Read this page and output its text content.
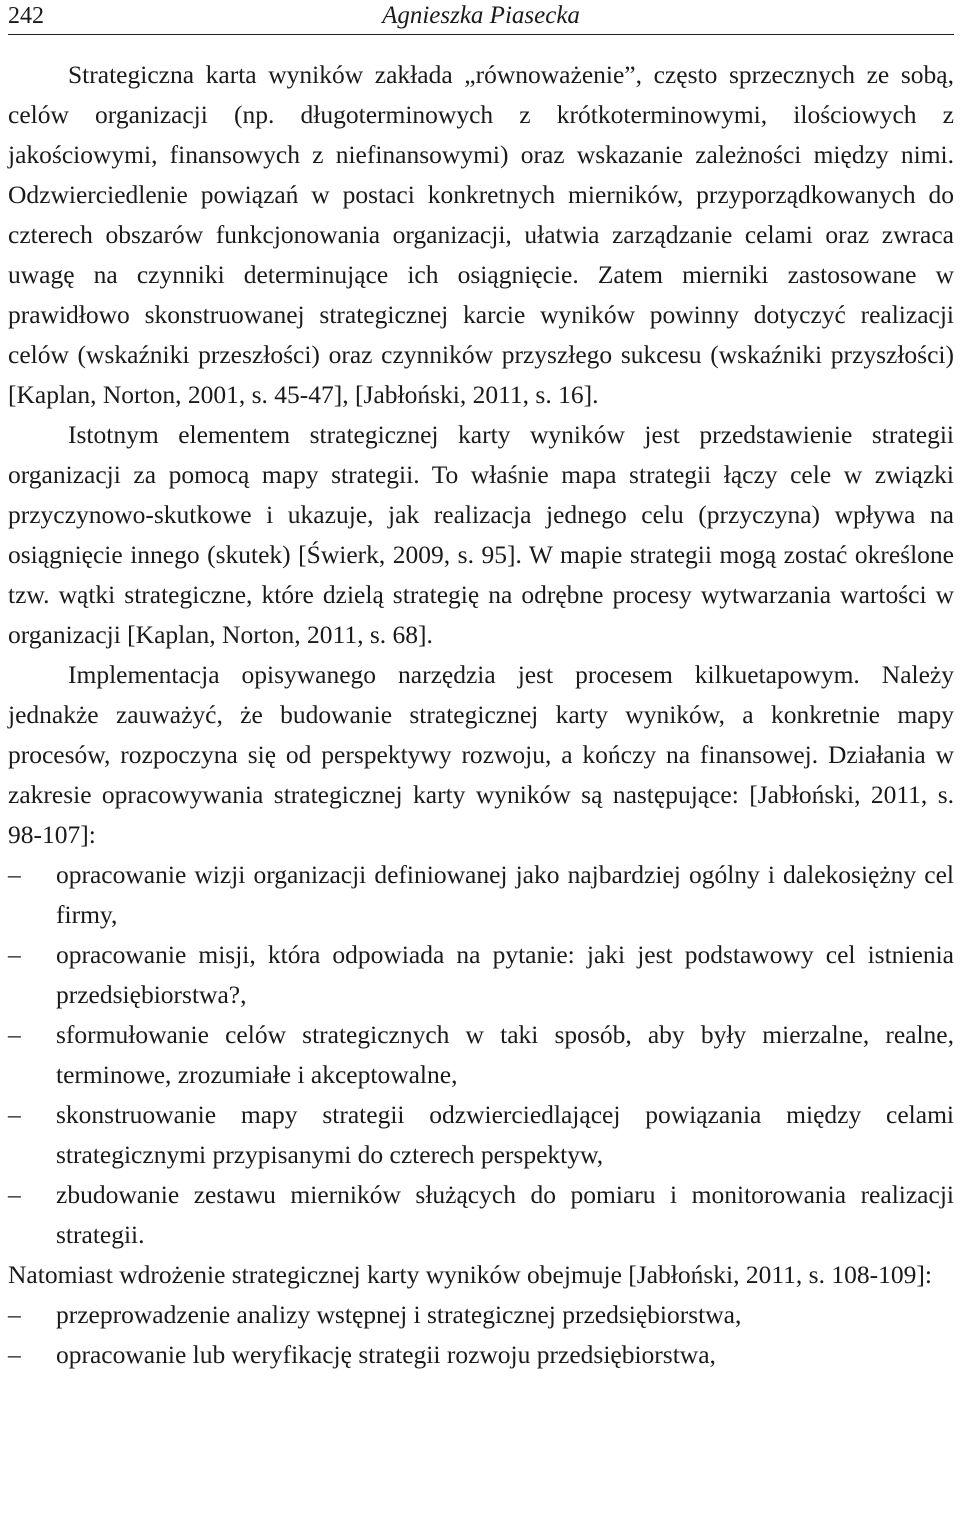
242	Agnieszka Piasecka

Strategiczna karta wyników zakłada „równoważenie”, często sprzecznych ze sobą, celów organizacji (np. długoterminowych z krótkoterminowymi, ilościowych z jakościowymi, finansowych z niefinansowymi) oraz wskazanie zależności między nimi. Odzwierciedlenie powiązań w postaci konkretnych mierników, przyporządkowanych do czterech obszarów funkcjonowania organizacji, ułatwia zarządzanie celami oraz zwraca uwagę na czynniki determinujące ich osiągnięcie. Zatem mierniki zastosowane w prawidłowo skonstruowanej strategicznej karcie wyników powinny dotyczyć realizacji celów (wskaźniki przeszłości) oraz czynników przyszłego sukcesu (wskaźniki przyszłości) [Kaplan, Norton, 2001, s. 45-47], [Jabłoński, 2011, s. 16].

Istotnym elementem strategicznej karty wyników jest przedstawienie strategii organizacji za pomocą mapy strategii. To właśnie mapa strategii łączy cele w związki przyczynowo-skutkowe i ukazuje, jak realizacja jednego celu (przyczyna) wpływa na osiągnięcie innego (skutek) [Świerk, 2009, s. 95]. W mapie strategii mogą zostać określone tzw. wątki strategiczne, które dzielą strategię na odrębne procesy wytwarzania wartości w organizacji [Kaplan, Norton, 2011, s. 68].

Implementacja opisywanego narzędzia jest procesem kilkuetapowym. Należy jednakże zauważyć, że budowanie strategicznej karty wyników, a konkretnie mapy procesów, rozpoczyna się od perspektywy rozwoju, a kończy na finansowej. Działania w zakresie opracowywania strategicznej karty wyników są następujące: [Jabłoński, 2011, s. 98-107]:

–	opracowanie wizji organizacji definiowanej jako najbardziej ogólny i dalekosiężny cel firmy,
–	opracowanie misji, która odpowiada na pytanie: jaki jest podstawowy cel istnienia przedsiębiorstwa?,
–	sformułowanie celów strategicznych w taki sposób, aby były mierzalne, realne, terminowe, zrozumiałe i akceptowalne,
–	skonstruowanie mapy strategii odzwierciedlającej powiązania między celami strategicznymi przypisanymi do czterech perspektyw,
–	zbudowanie zestawu mierników służących do pomiaru i monitorowania realizacji strategii.

Natomiast wdrożenie strategicznej karty wyników obejmuje [Jabłoński, 2011, s. 108-109]:

–	przeprowadzenie analizy wstępnej i strategicznej przedsiębiorstwa,
–	opracowanie lub weryfikację strategii rozwoju przedsiębiorstwa,
